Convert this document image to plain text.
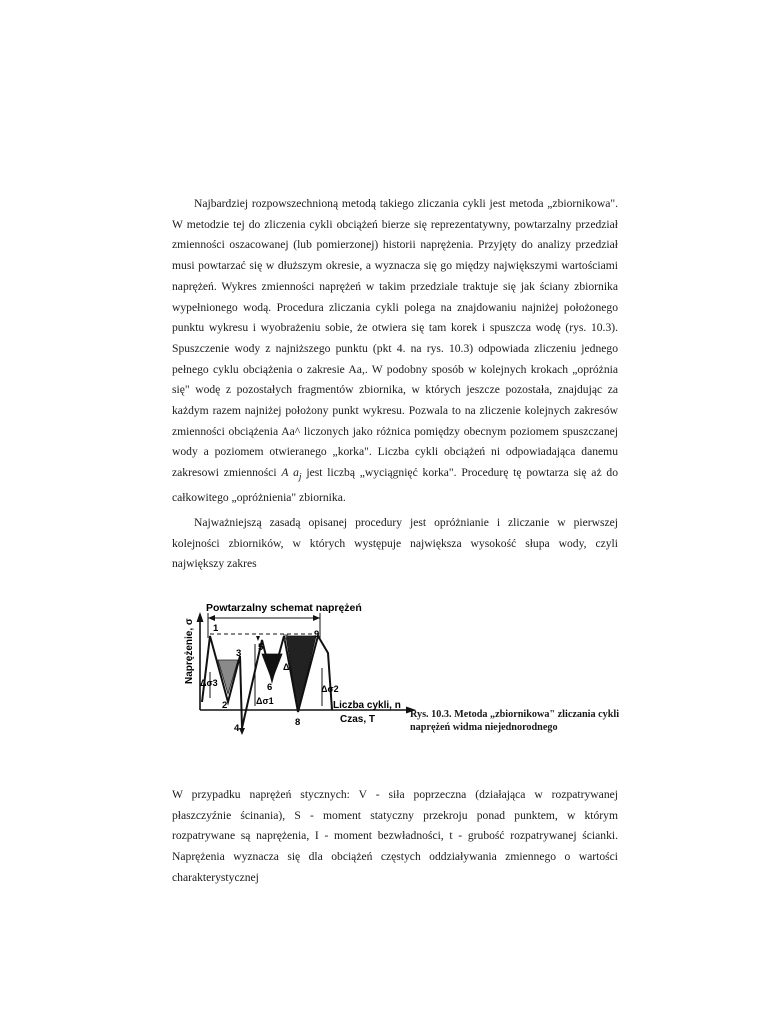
Najbardziej rozpowszechnioną metodą takiego zliczania cykli jest metoda „zbiornikowa". W metodzie tej do zliczenia cykli obciążeń bierze się reprezentatywny, powtarzalny przedział zmienności oszacowanej (lub pomierzonej) historii naprężenia. Przyjęty do analizy przedział musi powtarzać się w dłuższym okresie, a wyznacza się go między największymi wartościami naprężeń. Wykres zmienności naprężeń w takim przedziale traktuje się jak ściany zbiornika wypełnionego wodą. Procedura zliczania cykli polega na znajdowaniu najniżej położonego punktu wykresu i wyobrażeniu sobie, że otwiera się tam korek i spuszcza wodę (rys. 10.3). Spuszczenie wody z najniższego punktu (pkt 4. na rys. 10.3) odpowiada zliczeniu jednego pełnego cyklu obciążenia o zakresie Aa,. W podobny sposób w kolejnych krokach „opróżnia się" wodę z pozostałych fragmentów zbiornika, w których jeszcze pozostała, znajdując za każdym razem najniżej położony punkt wykresu. Pozwala to na zliczenie kolejnych zakresów zmienności obciążenia Aa^ liczonych jako różnica pomiędzy obecnym poziomem spuszczanej wody a poziomem otwieranego „korka". Liczba cykli obciążeń ni odpowiadająca danemu zakresowi zmienności A $a_j$ jest liczbą „wyciągnięć korka". Procedurę tę powtarza się aż do całkowitego „opróżnienia" zbiornika.

Najważniejszą zasadą opisanej procedury jest opróżnianie i zliczanie w pierwszej kolejności zbiorników, w których występuje największa wysokość słupa wody, czyli największy zakres

Powtarzalny schemat naprężeń
Naprężenie, σ
Liczba cykli, n
Czas, T
1
2
3
4
5
6
7
8
9
Δσ3
Δσ1
Δσ2
Δ
Rys. 10.3. Metoda „zbiornikowa" zliczania cykli
naprężeń widma niejednorodnego

W przypadku naprężeń stycznych: V - siła poprzeczna (działająca w rozpatrywanej płaszczyźnie ścinania), S - moment statyczny przekroju ponad punktem, w którym rozpatrywane są naprężenia, I - moment bezwładności, t - grubość rozpatrywanej ścianki. Naprężenia wyznacza się dla obciążeń częstych oddziaływania zmiennego o wartości charakterystycznej
